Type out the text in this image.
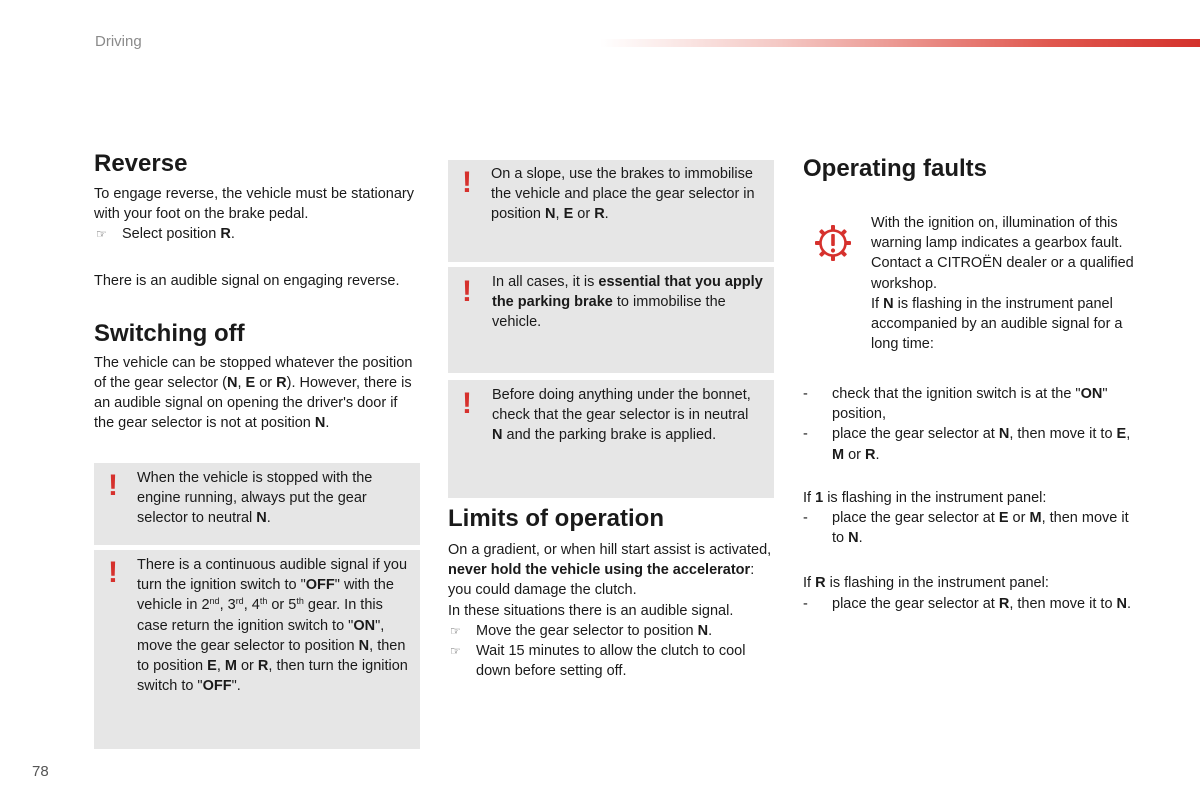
Driving
Reverse

To engage reverse, the vehicle must be stationary with your foot on the brake pedal.

☞ Select position R.

There is an audible signal on engaging reverse.

Switching off

The vehicle can be stopped whatever the position of the gear selector (N, E or R). However, there is an audible signal on opening the driver's door if the gear selector is not at position N.

! When the vehicle is stopped with the engine running, always put the gear selector to neutral N.
! There is a continuous audible signal if you turn the ignition switch to "OFF" with the vehicle in 2nd, 3rd, 4th or 5th gear. In this case return the ignition switch to "ON", move the gear selector to position N, then to position E, M or R, then turn the ignition switch to "OFF".
! On a slope, use the brakes to immobilise the vehicle and place the gear selector in position N, E or R.
! In all cases, it is essential that you apply the parking brake to immobilise the vehicle.
! Before doing anything under the bonnet, check that the gear selector is in neutral N and the parking brake is applied.
Limits of operation

On a gradient, or when hill start assist is activated, never hold the vehicle using the accelerator: you could damage the clutch.

In these situations there is an audible signal.

☞ Move the gear selector to position N.
☞ Wait 15 minutes to allow the clutch to cool down before setting off.
Operating faults

With the ignition on, illumination of this warning lamp indicates a gearbox fault.

Contact a CITROËN dealer or a qualified workshop.

If N is flashing in the instrument panel accompanied by an audible signal for a long time:

- check that the ignition switch is at the "ON" position,
- place the gear selector at N, then move it to E, M or R.

If 1 is flashing in the instrument panel:

- place the gear selector at E or M, then move it to N.

If R is flashing in the instrument panel:

- place the gear selector at R, then move it to N.
78
